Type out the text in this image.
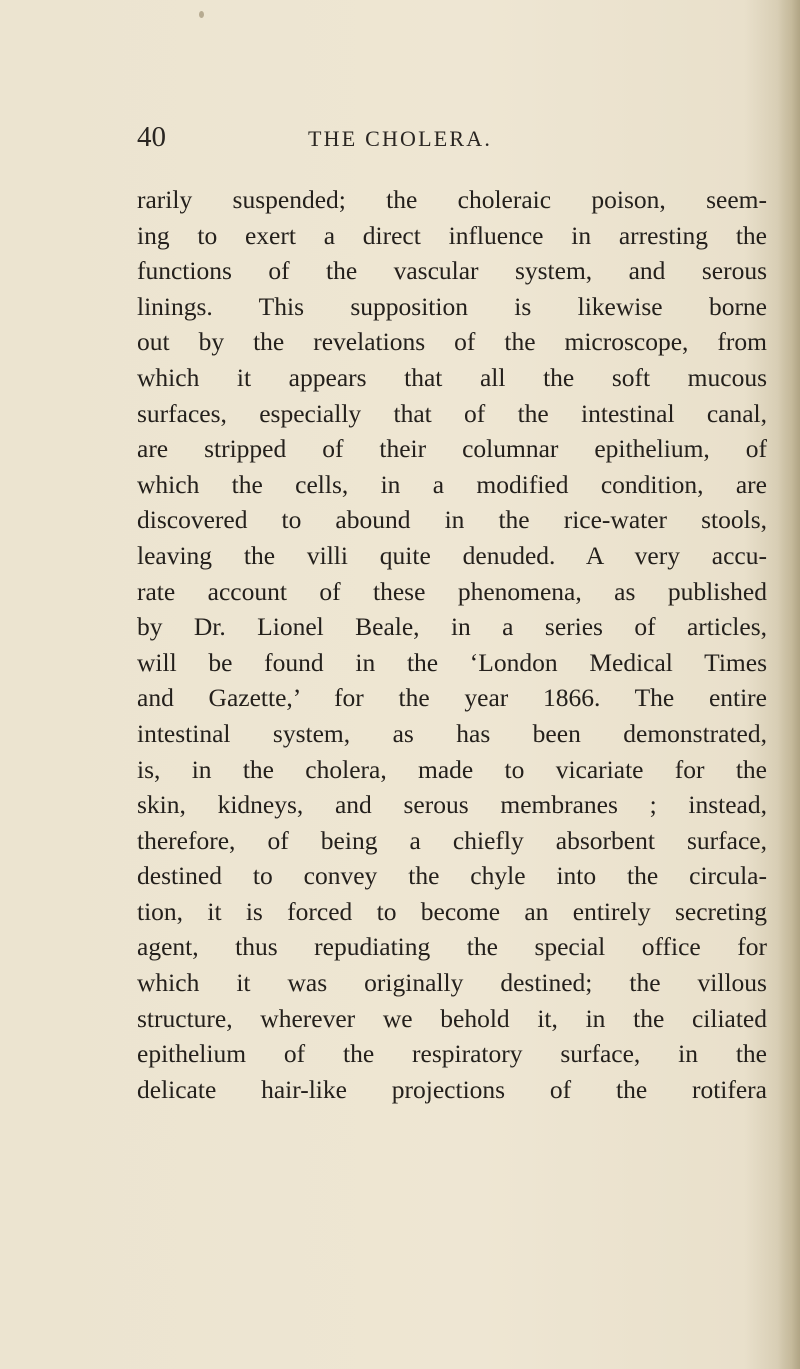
40	THE CHOLERA.
rarily suspended; the choleraic poison, seem-
ing to exert a direct influence in arresting the
functions of the vascular system, and serous
linings. This supposition is likewise borne
out by the revelations of the microscope, from
which it appears that all the soft mucous
surfaces, especially that of the intestinal canal,
are stripped of their columnar epithelium, of
which the cells, in a modified condition, are
discovered to abound in the rice-water stools,
leaving the villi quite denuded. A very accu-
rate account of these phenomena, as published
by Dr. Lionel Beale, in a series of articles,
will be found in the ‘London Medical Times
and Gazette,’ for the year 1866. The entire
intestinal system, as has been demonstrated,
is, in the cholera, made to vicariate for the
skin, kidneys, and serous membranes ; instead,
therefore, of being a chiefly absorbent surface,
destined to convey the chyle into the circula-
tion, it is forced to become an entirely secreting
agent, thus repudiating the special office for
which it was originally destined; the villous
structure, wherever we behold it, in the ciliated
epithelium of the respiratory surface, in the
delicate hair-like projections of the rotifera
